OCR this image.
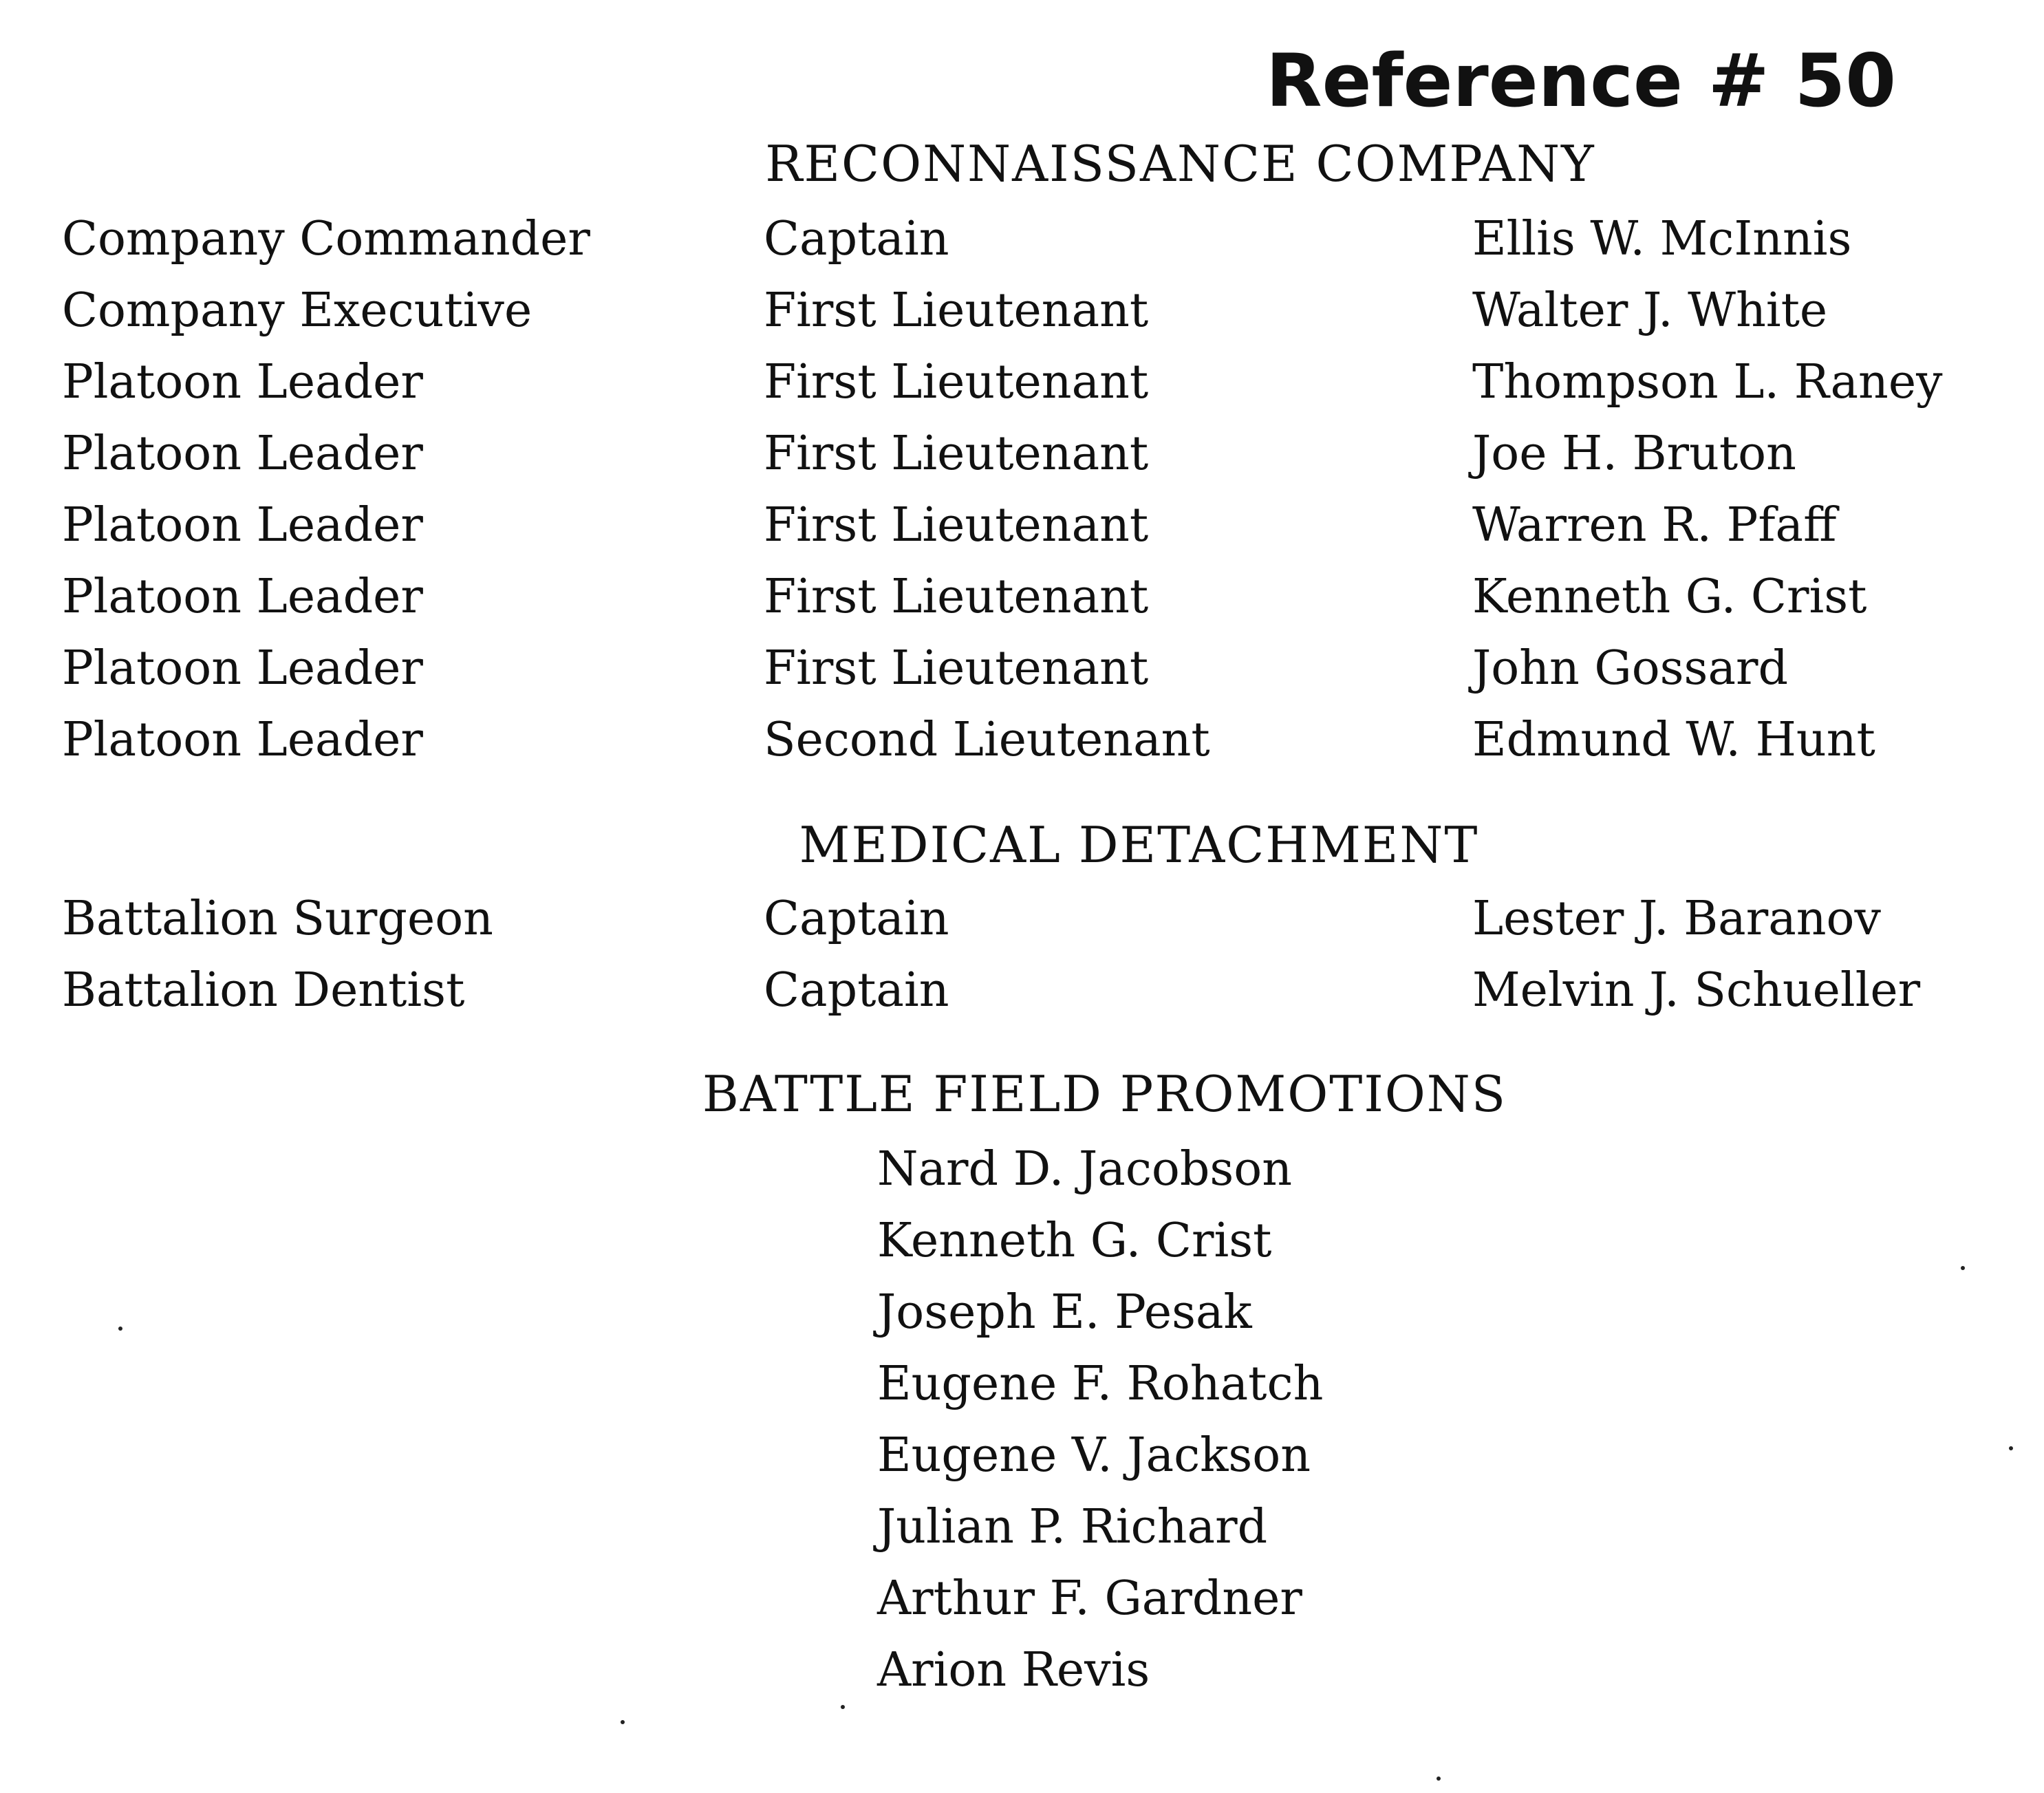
Reference # 50
RECONNAISSANCE COMPANY
Company Commander	Captain	Ellis W. McInnis
Company Executive	First Lieutenant	Walter J. White
Platoon Leader	First Lieutenant	Thompson L. Raney
Platoon Leader	First Lieutenant	Joe H. Bruton
Platoon Leader	First Lieutenant	Warren R. Pfaff
Platoon Leader	First Lieutenant	Kenneth G. Crist
Platoon Leader	First Lieutenant	John Gossard
Platoon Leader	Second Lieutenant	Edmund W. Hunt
MEDICAL DETACHMENT
Battalion Surgeon	Captain	Lester J. Baranov
Battalion Dentist	Captain	Melvin J. Schueller
BATTLE FIELD PROMOTIONS
Nard D. Jacobson
Kenneth G. Crist
Joseph E. Pesak
Eugene F. Rohatch
Eugene V. Jackson
Julian P. Richard
Arthur F. Gardner
Arion Revis
